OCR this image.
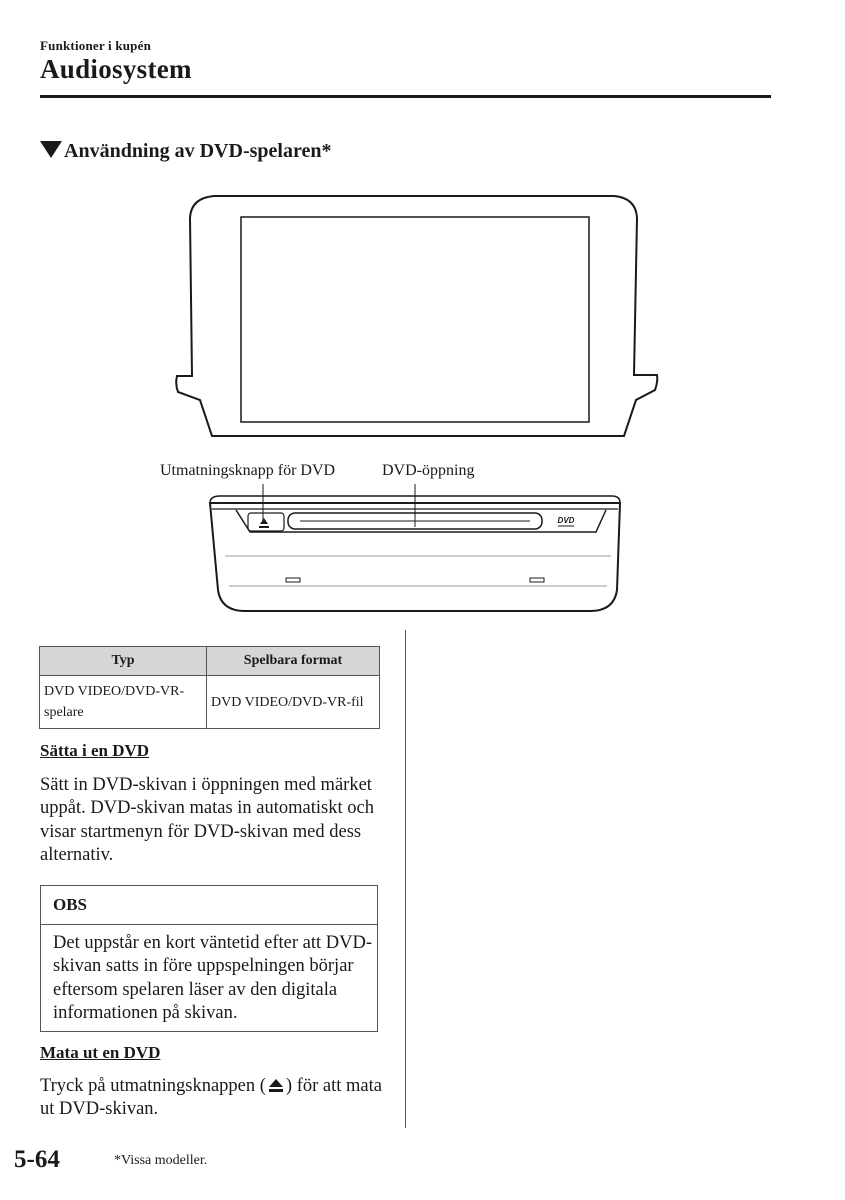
Funktioner i kupén
Audiosystem
Användning av DVD-spelaren*
DVD
Utmatningsknapp för DVD	DVD-öppning
Typ	Spelbara format
DVD VIDEO/DVD-VR-spelare	DVD VIDEO/DVD-VR-fil
Sätta i en DVD
Sätt in DVD-skivan i öppningen med märket uppåt. DVD-skivan matas in automatiskt och visar startmenyn för DVD-skivan med dess alternativ.
OBS
Det uppstår en kort väntetid efter att DVD-skivan satts in före uppspelningen börjar eftersom spelaren läser av den digitala informationen på skivan.
Mata ut en DVD
Tryck på utmatningsknappen ( ) för att mata ut DVD-skivan.
5-64	*Vissa modeller.
